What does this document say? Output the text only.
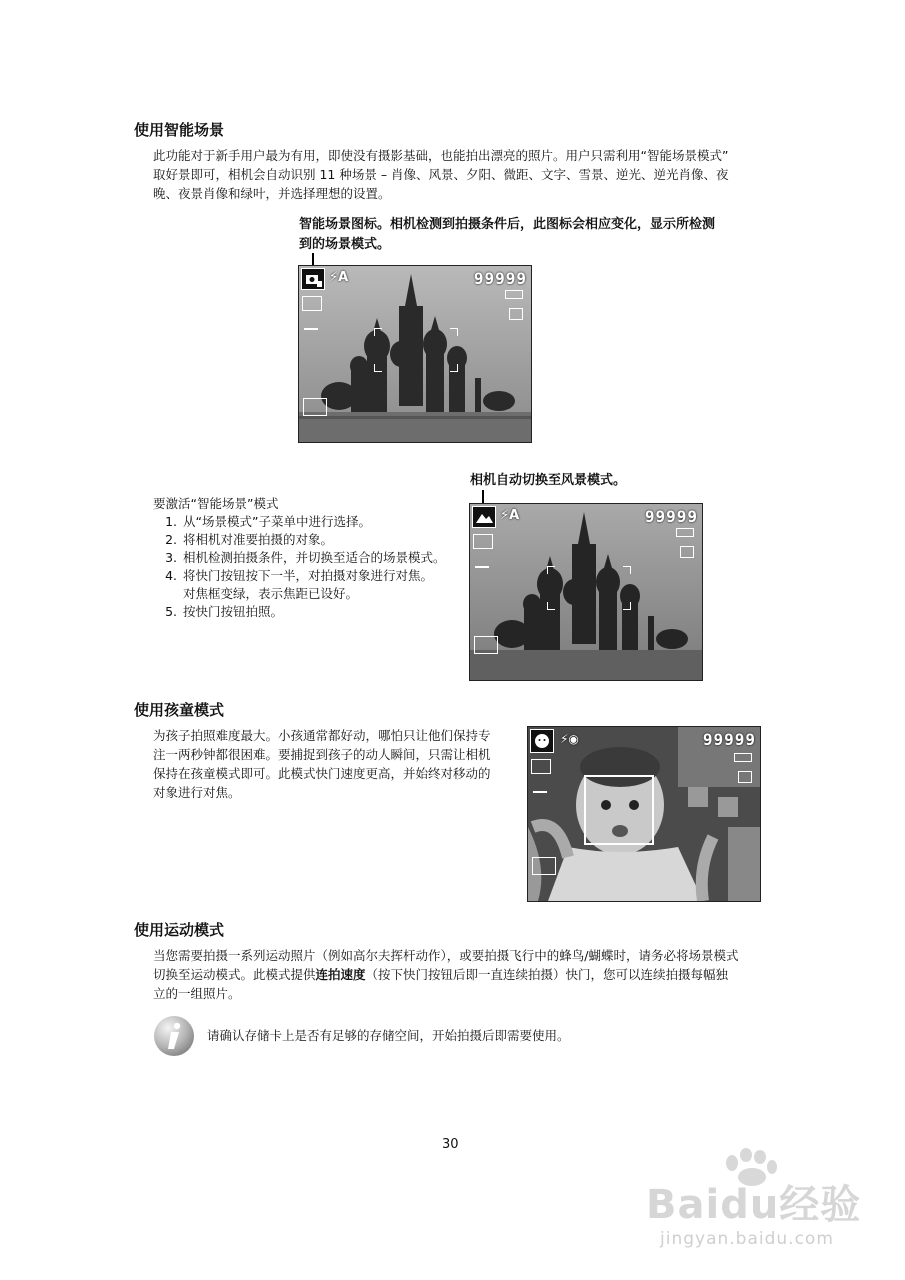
使用智能场景
此功能对于新手用户最为有用，即使没有摄影基础，也能拍出漂亮的照片。用户只需利用“智能场景模式”
取好景即可，相机会自动识别 11 种场景 – 肖像、风景、夕阳、微距、文字、雪景、逆光、逆光肖像、夜
晚、夜景肖像和绿叶，并选择理想的设置。
智能场景图标。相机检测到拍摄条件后，此图标会相应变化，显示所检测
到的场景模式。
⚡A	99999
要激活“智能场景”模式
1. 从“场景模式”子菜单中进行选择。
2. 将相机对准要拍摄的对象。
3. 相机检测拍摄条件，并切换至适合的场景模式。
4. 将快门按钮按下一半，对拍摄对象进行对焦。
对焦框变绿，表示焦距已设好。
5. 按快门按钮拍照。
相机自动切换至风景模式。
⚡A	99999
使用孩童模式
为孩子拍照难度最大。小孩通常都好动，哪怕只让他们保持专
注一两秒钟都很困难。要捕捉到孩子的动人瞬间，只需让相机
保持在孩童模式即可。此模式快门速度更高，并始终对移动的
对象进行对焦。
⚡◉	99999
使用运动模式
当您需要拍摄一系列运动照片（例如高尔夫挥杆动作），或要拍摄飞行中的蜂鸟/蝴蝶时，请务必将场景模式
切换至运动模式。此模式提供连拍速度（按下快门按钮后即一直连续拍摄）快门，您可以连续拍摄每幅独
立的一组照片。
请确认存储卡上是否有足够的存储空间，开始拍摄后即需要使用。
30
Baidu经验
jingyan.baidu.com
